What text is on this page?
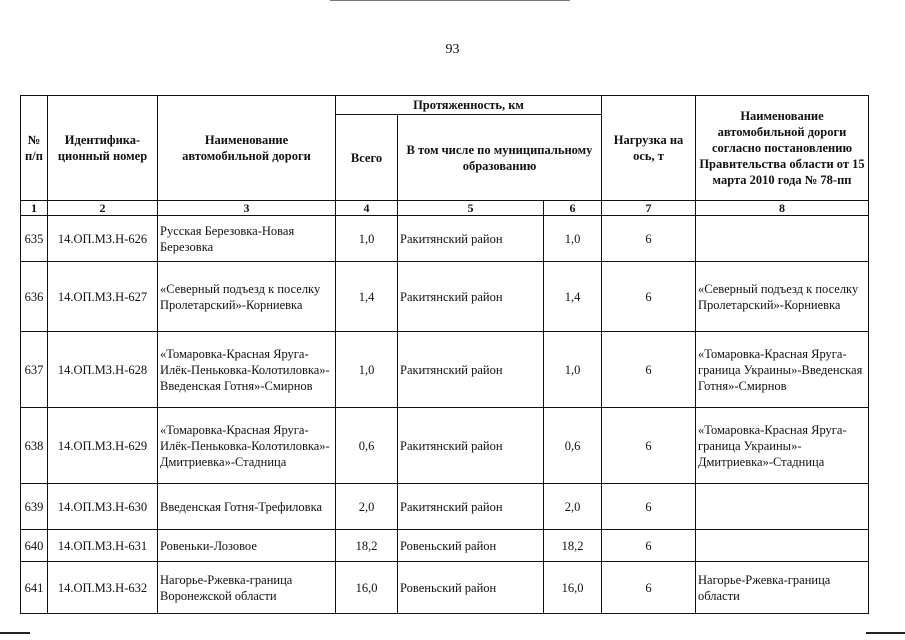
93
№ п/п	Идентифика-ционный номер	Наименование автомобильной дороги	Протяженность, км			Нагрузка на ось, т	Наименование автомобильной дороги согласно постановлению Правительства области от 15 марта 2010 года № 78-пп
			Всего	В том числе по муниципальному образованию			
1	2	3	4	5	6	7	8
635	14.ОП.МЗ.Н-626	Русская Березовка-Новая Березовка	1,0	Ракитянский район	1,0	6	
636	14.ОП.МЗ.Н-627	«Северный подъезд к поселку Пролетарский»-Корниевка	1,4	Ракитянский район	1,4	6	«Северный подъезд к поселку Пролетарский»-Корниевка
637	14.ОП.МЗ.Н-628	«Томаровка-Красная Яруга-Илёк-Пеньковка-Колотиловка»-Введенская Готня»-Смирнов	1,0	Ракитянский район	1,0	6	«Томаровка-Красная Яруга-граница Украины»-Введенская Готня»-Смирнов
638	14.ОП.МЗ.Н-629	«Томаровка-Красная Яруга-Илёк-Пеньковка-Колотиловка»-Дмитриевка»-Стадница	0,6	Ракитянский район	0,6	6	«Томаровка-Красная Яруга-граница Украины»-Дмитриевка»-Стадница
639	14.ОП.МЗ.Н-630	Введенская Готня-Трефиловка	2,0	Ракитянский район	2,0	6	
640	14.ОП.МЗ.Н-631	Ровеньки-Лозовое	18,2	Ровеньский район	18,2	6	
641	14.ОП.МЗ.Н-632	Нагорье-Ржевка-граница Воронежской области	16,0	Ровеньский район	16,0	6	Нагорье-Ржевка-граница области
